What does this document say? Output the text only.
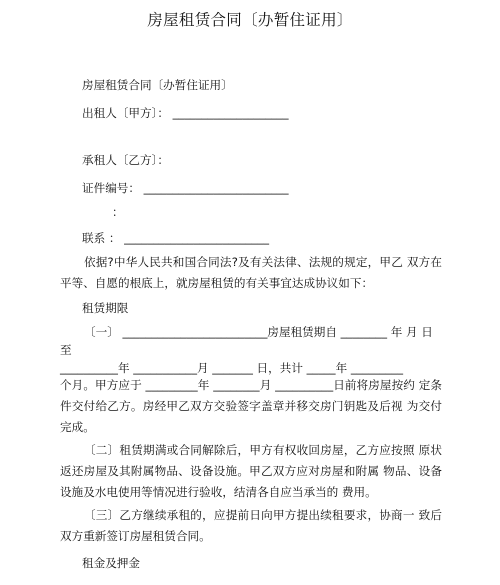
房屋租赁合同〔办暂住证用〕
房屋租赁合同〔办暂住证用〕
出租人〔甲方〕： ____________________
承租人〔乙方〕：
证件编号： _________________________
：
联系 ： _________________________
依据?中华人民共和国合同法?及有关法律、法规的规定，甲乙 双方在平等、自愿的根底上，就房屋租赁的有关事宜达成协议如下：
租赁期限
〔一〕 _________________________房屋租赁期自 ________ 年 月 日
至
__________年 ___________月 _______ 日，共计 _____年 _________
个月。甲方应于 _________年 ________月 __________日前将房屋按约 定条件交付给乙方。房经甲乙双方交验签字盖章并移交房门钥匙及后视 为交付完成。
〔二〕租赁期满或合同解除后，甲方有权收回房屋，乙方应按照 原状返还房屋及其附属物品、设备设施。甲乙双方应对房屋和附属 物品、设备设施及水电使用等情况进行验收，结清各自应当承当的 费用。
〔三〕乙方继续承租的，应提前日向甲方提出续租要求，协商一 致后双方重新签订房屋租赁合同。
租金及押金
